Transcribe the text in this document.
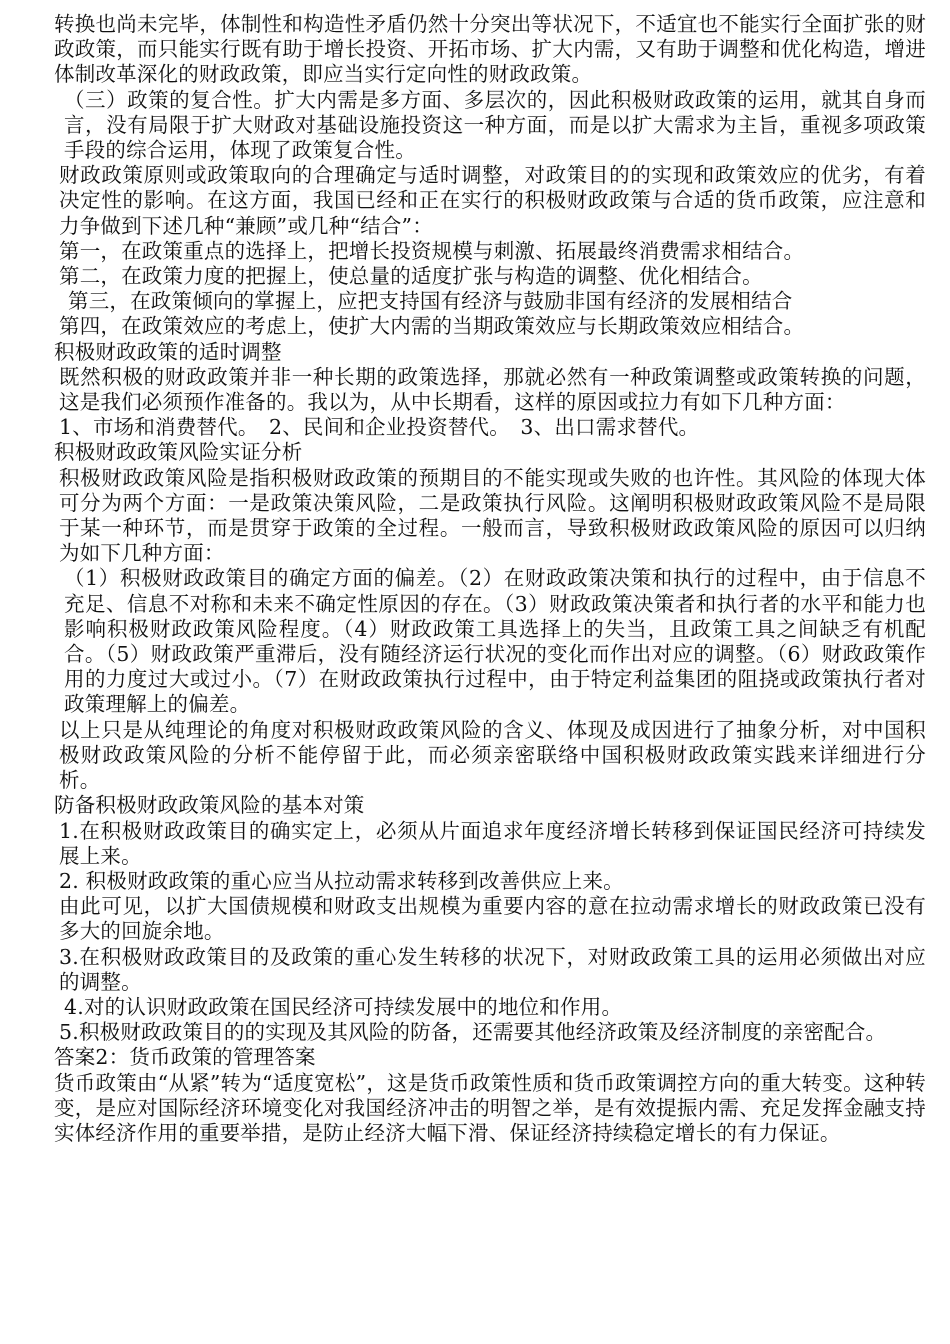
转换也尚未完毕，体制性和构造性矛盾仍然十分突出等状况下，不适宜也不能实行全面扩张的财政政策，而只能实行既有助于增长投资、开拓市场、扩大内需，又有助于调整和优化构造，增进体制改革深化的财政政策，即应当实行定向性的财政政策。

（三）政策的复合性。扩大内需是多方面、多层次的，因此积极财政政策的运用，就其自身而言，没有局限于扩大财政对基础设施投资这一种方面，而是以扩大需求为主旨，重视多项政策手段的综合运用，体现了政策复合性。

财政政策原则或政策取向的合理确定与适时调整，对政策目的的实现和政策效应的优劣，有着决定性的影响。在这方面，我国已经和正在实行的积极财政政策与合适的货币政策，应注意和力争做到下述几种“兼顾”或几种“结合”：

第一，在政策重点的选择上，把增长投资规模与刺激、拓展最终消费需求相结合。

第二，在政策力度的把握上，使总量的适度扩张与构造的调整、优化相结合。

第三，在政策倾向的掌握上，应把支持国有经济与鼓励非国有经济的发展相结合

第四，在政策效应的考虑上，使扩大内需的当期政策效应与长期政策效应相结合。

积极财政政策的适时调整

既然积极的财政政策并非一种长期的政策选择，那就必然有一种政策调整或政策转换的问题，这是我们必须预作准备的。我以为，从中长期看，这样的原因或拉力有如下几种方面：

1、市场和消费替代。　2、民间和企业投资替代。　3、出口需求替代。

积极财政政策风险实证分析

积极财政政策风险是指积极财政政策的预期目的不能实现或失败的也许性。其风险的体现大体可分为两个方面：一是政策决策风险，二是政策执行风险。这阐明积极财政政策风险不是局限于某一种环节，而是贯穿于政策的全过程。一般而言，导致积极财政政策风险的原因可以归纳为如下几种方面：

（1）积极财政政策目的确定方面的偏差。（2）在财政政策决策和执行的过程中，由于信息不充足、信息不对称和未来不确定性原因的存在。（3）财政政策决策者和执行者的水平和能力也影响积极财政政策风险程度。（4）财政政策工具选择上的失当，且政策工具之间缺乏有机配合。（5）财政政策严重滞后，没有随经济运行状况的变化而作出对应的调整。（6）财政政策作用的力度过大或过小。（7）在财政政策执行过程中，由于特定利益集团的阻挠或政策执行者对政策理解上的偏差。

以上只是从纯理论的角度对积极财政政策风险的含义、体现及成因进行了抽象分析，对中国积极财政政策风险的分析不能停留于此，而必须亲密联络中国积极财政政策实践来详细进行分析。

防备积极财政政策风险的基本对策

1.在积极财政政策目的确实定上，必须从片面追求年度经济增长转移到保证国民经济可持续发展上来。

2. 积极财政政策的重心应当从拉动需求转移到改善供应上来。

由此可见，以扩大国债规模和财政支出规模为重要内容的意在拉动需求增长的财政政策已没有多大的回旋余地。

3.在积极财政政策目的及政策的重心发生转移的状况下，对财政政策工具的运用必须做出对应的调整。

4.对的认识财政政策在国民经济可持续发展中的地位和作用。

5.积极财政政策目的的实现及其风险的防备，还需要其他经济政策及经济制度的亲密配合。

答案2：货币政策的管理答案

货币政策由“从紧”转为“适度宽松”，这是货币政策性质和货币政策调控方向的重大转变。这种转变，是应对国际经济环境变化对我国经济冲击的明智之举，是有效提振内需、充足发挥金融支持实体经济作用的重要举措，是防止经济大幅下滑、保证经济持续稳定增长的有力保证。
